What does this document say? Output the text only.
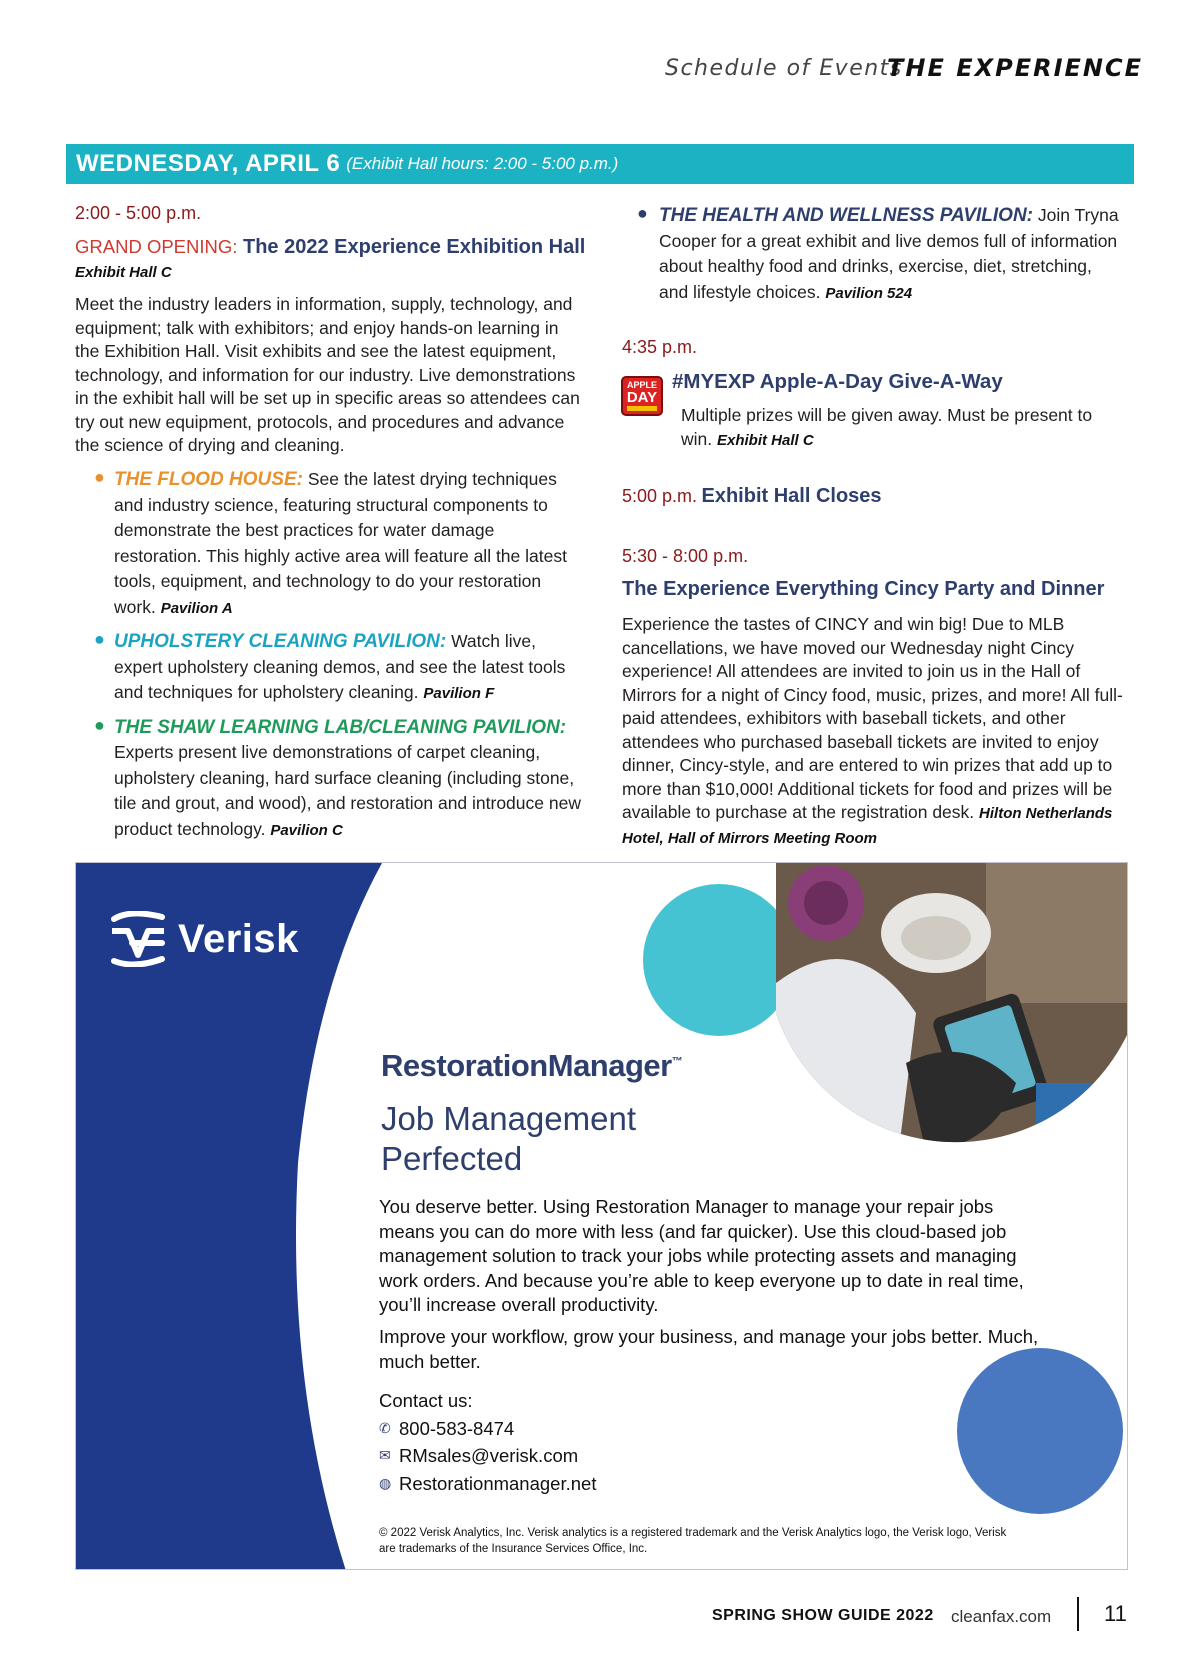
Schedule of Events
THE EXPERIENCE
WEDNESDAY, APRIL 6 (Exhibit Hall hours: 2:00 - 5:00 p.m.)
2:00 - 5:00 p.m.
GRAND OPENING: The 2022 Experience Exhibition Hall
Exhibit Hall C
Meet the industry leaders in information, supply, technology, and equipment; talk with exhibitors; and enjoy hands-on learning in the Exhibition Hall. Visit exhibits and see the latest equipment, technology, and information for our industry. Live demonstrations in the exhibit hall will be set up in specific areas so attendees can try out new equipment, protocols, and procedures and advance the science of drying and cleaning.
● THE FLOOD HOUSE: See the latest drying techniques and industry science, featuring structural components to demonstrate the best practices for water damage restoration. This highly active area will feature all the latest tools, equipment, and technology to do your restoration work. Pavilion A
● UPHOLSTERY CLEANING PAVILION: Watch live, expert upholstery cleaning demos, and see the latest tools and techniques for upholstery cleaning. Pavilion F
● THE SHAW LEARNING LAB/CLEANING PAVILION:
Experts present live demonstrations of carpet cleaning, upholstery cleaning, hard surface cleaning (including stone, tile and grout, and wood), and restoration and introduce new product technology. Pavilion C
● THE HEALTH AND WELLNESS PAVILION: Join Tryna Cooper for a great exhibit and live demos full of information about healthy food and drinks, exercise, diet, stretching, and lifestyle choices. Pavilion 524
4:35 p.m.
APPLE
DAY
#MYEXP Apple-A-Day Give-A-Way
Multiple prizes will be given away. Must be present to win. Exhibit Hall C
5:00 p.m. Exhibit Hall Closes
5:30 - 8:00 p.m.
The Experience Everything Cincy Party and Dinner
Experience the tastes of CINCY and win big! Due to MLB cancellations, we have moved our Wednesday night Cincy experience! All attendees are invited to join us in the Hall of Mirrors for a night of Cincy food, music, prizes, and more! All full-paid attendees, exhibitors with baseball tickets, and other attendees who purchased baseball tickets are invited to enjoy dinner, Cincy-style, and are entered to win prizes that add up to more than $10,000! Additional tickets for food and prizes will be available to purchase at the registration desk. Hilton Netherlands Hotel, Hall of Mirrors Meeting Room
Verisk
RestorationManager™
Job Management Perfected
You deserve better. Using Restoration Manager to manage your repair jobs means you can do more with less (and far quicker). Use this cloud-based job management solution to track your jobs while protecting assets and managing work orders. And because you’re able to keep everyone up to date in real time, you’ll increase overall productivity.
Improve your workflow, grow your business, and manage your jobs better. Much, much better.
Contact us:
✆ 800-583-8474
✉ RMsales@verisk.com
◍ Restorationmanager.net
© 2022 Verisk Analytics, Inc. Verisk analytics is a registered trademark and the Verisk Analytics logo, the Verisk logo, Verisk are trademarks of the Insurance Services Office, Inc.
SPRING SHOW GUIDE 2022 cleanfax.com 11
